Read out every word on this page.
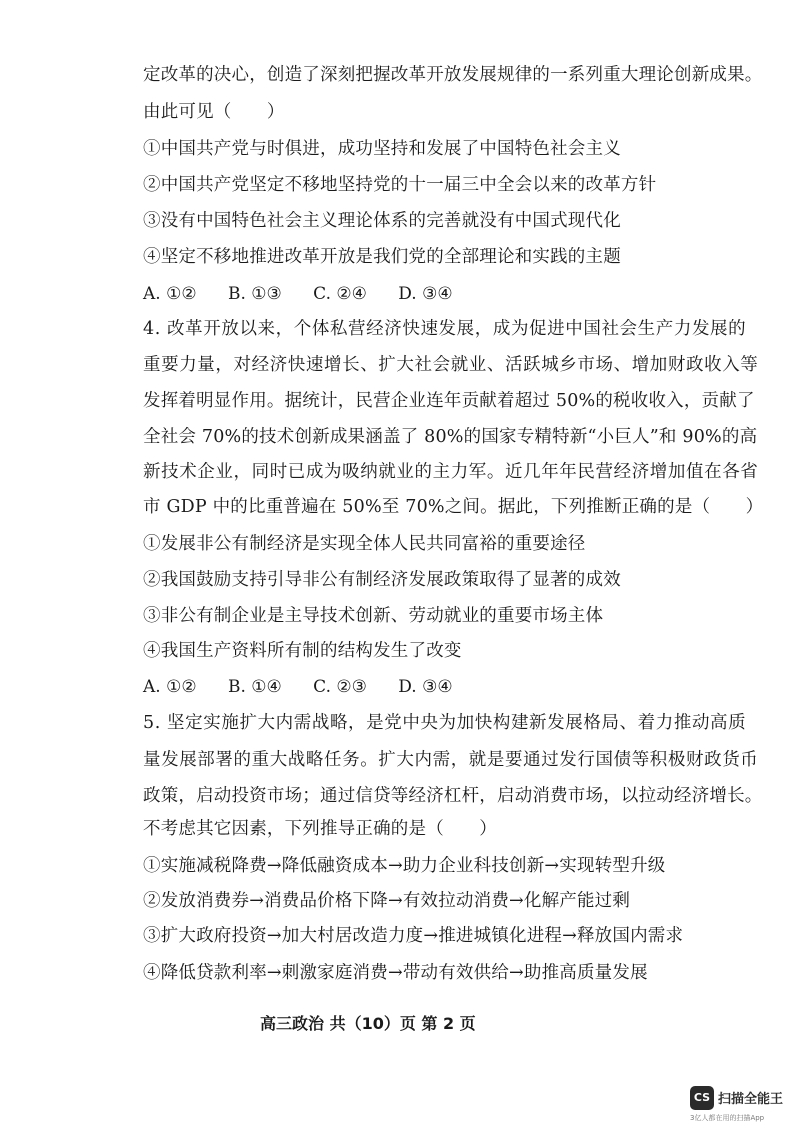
定改革的决心，创造了深刻把握改革开放发展规律的一系列重大理论创新成果。
由此可见（　　）
①中国共产党与时俱进，成功坚持和发展了中国特色社会主义
②中国共产党坚定不移地坚持党的十一届三中全会以来的改革方针
③没有中国特色社会主义理论体系的完善就没有中国式现代化
④坚定不移地推进改革开放是我们党的全部理论和实践的主题
A. ①② B. ①③ C. ②④ D. ③④
4. 改革开放以来，个体私营经济快速发展，成为促进中国社会生产力发展的
重要力量，对经济快速增长、扩大社会就业、活跃城乡市场、增加财政收入等
发挥着明显作用。据统计，民营企业连年贡献着超过 50%的税收收入，贡献了
全社会 70%的技术创新成果涵盖了 80%的国家专精特新“小巨人”和 90%的高
新技术企业，同时已成为吸纳就业的主力军。近几年年民营经济增加值在各省
市 GDP 中的比重普遍在 50%至 70%之间。据此，下列推断正确的是（　　）
①发展非公有制经济是实现全体人民共同富裕的重要途径
②我国鼓励支持引导非公有制经济发展政策取得了显著的成效
③非公有制企业是主导技术创新、劳动就业的重要市场主体
④我国生产资料所有制的结构发生了改变
A. ①② B. ①④ C. ②③ D. ③④
5. 坚定实施扩大内需战略，是党中央为加快构建新发展格局、着力推动高质
量发展部署的重大战略任务。扩大内需，就是要通过发行国债等积极财政货币
政策，启动投资市场；通过信贷等经济杠杆，启动消费市场，以拉动经济增长。
不考虑其它因素，下列推导正确的是（　　）
①实施减税降费→降低融资成本→助力企业科技创新→实现转型升级
②发放消费券→消费品价格下降→有效拉动消费→化解产能过剩
③扩大政府投资→加大村居改造力度→推进城镇化进程→释放国内需求
④降低贷款利率→刺激家庭消费→带动有效供给→助推高质量发展
高三政治 共（10）页 第 2 页
CS 扫描全能王
3亿人都在用的扫描App
